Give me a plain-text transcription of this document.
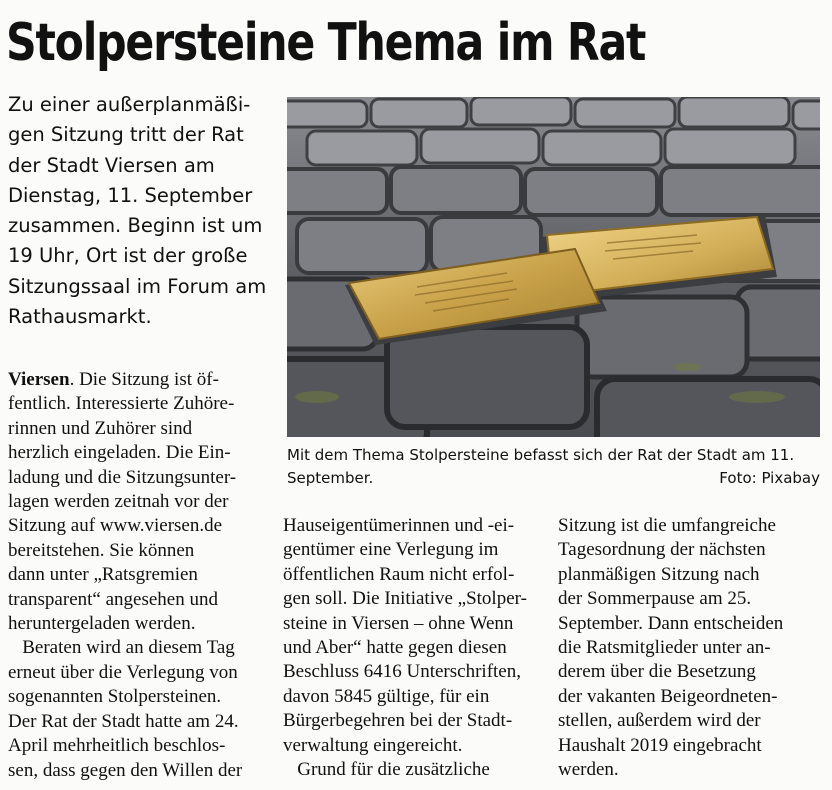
Stolpersteine Thema im Rat
Zu einer außerplanmäßi-
gen Sitzung tritt der Rat
der Stadt Viersen am
Dienstag, 11. September
zusammen. Beginn ist um
19 Uhr, Ort ist der große
Sitzungssaal im Forum am
Rathausmarkt.
Mit dem Thema Stolpersteine befasst sich der Rat der Stadt am 11.
September.	Foto: Pixabay
Viersen. Die Sitzung ist öf-
fentlich. Interessierte Zuhöre-
rinnen und Zuhörer sind
herzlich eingeladen. Die Ein-
ladung und die Sitzungsunter-
lagen werden zeitnah vor der
Sitzung auf www.viersen.de
bereitstehen. Sie können
dann unter „Ratsgremien
transparent“ angesehen und
heruntergeladen werden.
Beraten wird an diesem Tag
erneut über die Verlegung von
sogenannten Stolpersteinen.
Der Rat der Stadt hatte am 24.
April mehrheitlich beschlos-
sen, dass gegen den Willen der
Hauseigentümerinnen und -ei-
gentümer eine Verlegung im
öffentlichen Raum nicht erfol-
gen soll. Die Initiative „Stolper-
steine in Viersen – ohne Wenn
und Aber“ hatte gegen diesen
Beschluss 6416 Unterschriften,
davon 5845 gültige, für ein
Bürgerbegehren bei der Stadt-
verwaltung eingereicht.
Grund für die zusätzliche
Sitzung ist die umfangreiche
Tagesordnung der nächsten
planmäßigen Sitzung nach
der Sommerpause am 25.
September. Dann entscheiden
die Ratsmitglieder unter an-
derem über die Besetzung
der vakanten Beigeordneten-
stellen, außerdem wird der
Haushalt 2019 eingebracht
werden.
